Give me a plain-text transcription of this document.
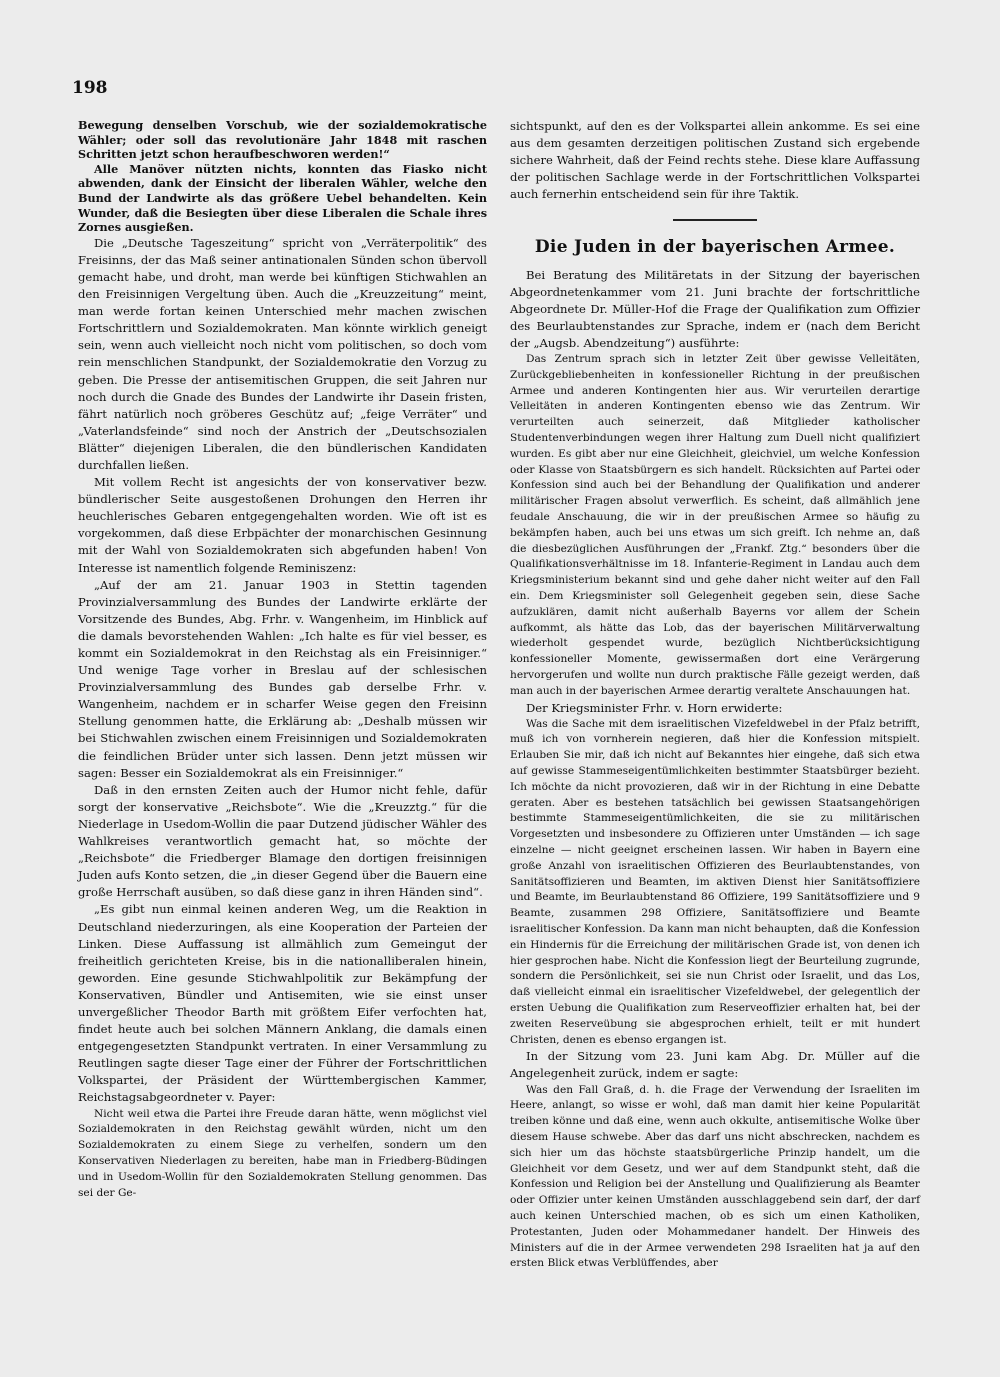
198

Bewegung denselben Vorschub, wie der sozialdemokratische Wähler; oder soll das revolutionäre Jahr 1848 mit raschen Schritten jetzt schon heraufbeschworen werden!“

Alle Manöver nützten nichts, konnten das Fiasko nicht abwenden, dank der Einsicht der liberalen Wähler, welche den Bund der Landwirte als das größere Uebel behandelten. Kein Wunder, daß die Besiegten über diese Liberalen die Schale ihres Zornes ausgießen.

Die „Deutsche Tageszeitung“ spricht von „Verräterpolitik“ des Freisinns, der das Maß seiner antinationalen Sünden schon übervoll gemacht habe, und droht, man werde bei künftigen Stichwahlen an den Freisinnigen Vergeltung üben. Auch die „Kreuzzeitung“ meint, man werde fortan keinen Unterschied mehr machen zwischen Fortschrittlern und Sozialdemokraten. Man könnte wirklich geneigt sein, wenn auch vielleicht noch nicht vom politischen, so doch vom rein menschlichen Standpunkt, der Sozialdemokratie den Vorzug zu geben. Die Presse der antisemitischen Gruppen, die seit Jahren nur noch durch die Gnade des Bundes der Landwirte ihr Dasein fristen, fährt natürlich noch gröberes Geschütz auf; „feige Verräter“ und „Vaterlandsfeinde“ sind noch der Anstrich der „Deutschsozialen Blätter“ diejenigen Liberalen, die den bündlerischen Kandidaten durchfallen ließen.

Mit vollem Recht ist angesichts der von konservativer bezw. bündlerischer Seite ausgestoßenen Drohungen den Herren ihr heuchlerisches Gebaren entgegengehalten worden. Wie oft ist es vorgekommen, daß diese Erbpächter der monarchischen Gesinnung mit der Wahl von Sozialdemokraten sich abgefunden haben! Von Interesse ist namentlich folgende Reminiszenz:

„Auf der am 21. Januar 1903 in Stettin tagenden Provinzialversammlung des Bundes der Landwirte erklärte der Vorsitzende des Bundes, Abg. Frhr. v. Wangenheim, im Hinblick auf die damals bevorstehenden Wahlen: „Ich halte es für viel besser, es kommt ein Sozialdemokrat in den Reichstag als ein Freisinniger.“ Und wenige Tage vorher in Breslau auf der schlesischen Provinzialversammlung des Bundes gab derselbe Frhr. v. Wangenheim, nachdem er in scharfer Weise gegen den Freisinn Stellung genommen hatte, die Erklärung ab: „Deshalb müssen wir bei Stichwahlen zwischen einem Freisinnigen und Sozialdemokraten die feindlichen Brüder unter sich lassen. Denn jetzt müssen wir sagen: Besser ein Sozialdemokrat als ein Freisinniger.“

Daß in den ernsten Zeiten auch der Humor nicht fehle, dafür sorgt der konservative „Reichsbote“. Wie die „Kreuzztg.“ für die Niederlage in Usedom-Wollin die paar Dutzend jüdischer Wähler des Wahlkreises verantwortlich gemacht hat, so möchte der „Reichsbote“ die Friedberger Blamage den dortigen freisinnigen Juden aufs Konto setzen, die „in dieser Gegend über die Bauern eine große Herrschaft ausüben, so daß diese ganz in ihren Händen sind“.

„Es gibt nun einmal keinen anderen Weg, um die Reaktion in Deutschland niederzuringen, als eine Kooperation der Parteien der Linken. Diese Auffassung ist allmählich zum Gemeingut der freiheitlich gerichteten Kreise, bis in die nationalliberalen hinein, geworden. Eine gesunde Stichwahlpolitik zur Bekämpfung der Konservativen, Bündler und Antisemiten, wie sie einst unser unvergeßlicher Theodor Barth mit größtem Eifer verfochten hat, findet heute auch bei solchen Männern Anklang, die damals einen entgegengesetzten Standpunkt vertraten. In einer Versammlung zu Reutlingen sagte dieser Tage einer der Führer der Fortschrittlichen Volkspartei, der Präsident der Württembergischen Kammer, Reichstagsabgeordneter v. Payer:

Nicht weil etwa die Partei ihre Freude daran hätte, wenn möglichst viel Sozialdemokraten in den Reichstag gewählt würden, nicht um den Sozialdemokraten zu einem Siege zu verhelfen, sondern um den Konservativen Niederlagen zu bereiten, habe man in Friedberg-Büdingen und in Usedom-Wollin für den Sozialdemokraten Stellung genommen. Das sei der Ge-

sichtspunkt, auf den es der Volkspartei allein ankomme. Es sei eine aus dem gesamten derzeitigen politischen Zustand sich ergebende sichere Wahrheit, daß der Feind rechts stehe. Diese klare Auffassung der politischen Sachlage werde in der Fortschrittlichen Volkspartei auch fernerhin entscheidend sein für ihre Taktik.

Die Juden in der bayerischen Armee.

Bei Beratung des Militäretats in der Sitzung der bayerischen Abgeordnetenkammer vom 21. Juni brachte der fortschrittliche Abgeordnete Dr. Müller-Hof die Frage der Qualifikation zum Offizier des Beurlaubtenstandes zur Sprache, indem er (nach dem Bericht der „Augsb. Abendzeitung“) ausführte:

Das Zentrum sprach sich in letzter Zeit über gewisse Velleitäten, Zurückgebliebenheiten in konfessioneller Richtung in der preußischen Armee und anderen Kontingenten hier aus. Wir verurteilen derartige Velleitäten in anderen Kontingenten ebenso wie das Zentrum. Wir verurteilten auch seinerzeit, daß Mitglieder katholischer Studentenverbindungen wegen ihrer Haltung zum Duell nicht qualifiziert wurden. Es gibt aber nur eine Gleichheit, gleichviel, um welche Konfession oder Klasse von Staatsbürgern es sich handelt. Rücksichten auf Partei oder Konfession sind auch bei der Behandlung der Qualifikation und anderer militärischer Fragen absolut verwerflich. Es scheint, daß allmählich jene feudale Anschauung, die wir in der preußischen Armee so häufig zu bekämpfen haben, auch bei uns etwas um sich greift. Ich nehme an, daß die diesbezüglichen Ausführungen der „Frankf. Ztg.“ besonders über die Qualifikationsverhältnisse im 18. Infanterie-Regiment in Landau auch dem Kriegsministerium bekannt sind und gehe daher nicht weiter auf den Fall ein. Dem Kriegsminister soll Gelegenheit gegeben sein, diese Sache aufzuklären, damit nicht außerhalb Bayerns vor allem der Schein aufkommt, als hätte das Lob, das der bayerischen Militärverwaltung wiederholt gespendet wurde, bezüglich Nichtberücksichtigung konfessioneller Momente, gewissermaßen dort eine Verärgerung hervorgerufen und wollte nun durch praktische Fälle gezeigt werden, daß man auch in der bayerischen Armee derartig veraltete Anschauungen hat.

Der Kriegsminister Frhr. v. Horn erwiderte:

Was die Sache mit dem israelitischen Vizefeldwebel in der Pfalz betrifft, muß ich von vornherein negieren, daß hier die Konfession mitspielt. Erlauben Sie mir, daß ich nicht auf Bekanntes hier eingehe, daß sich etwa auf gewisse Stammeseigentümlichkeiten bestimmter Staatsbürger bezieht. Ich möchte da nicht provozieren, daß wir in der Richtung in eine Debatte geraten. Aber es bestehen tatsächlich bei gewissen Staatsangehörigen bestimmte Stammeseigentümlichkeiten, die sie zu militärischen Vorgesetzten und insbesondere zu Offizieren unter Umständen — ich sage einzelne — nicht geeignet erscheinen lassen. Wir haben in Bayern eine große Anzahl von israelitischen Offizieren des Beurlaubtenstandes, von Sanitätsoffizieren und Beamten, im aktiven Dienst hier Sanitätsoffiziere und Beamte, im Beurlaubtenstand 86 Offiziere, 199 Sanitätsoffiziere und 9 Beamte, zusammen 298 Offiziere, Sanitätsoffiziere und Beamte israelitischer Konfession. Da kann man nicht behaupten, daß die Konfession ein Hindernis für die Erreichung der militärischen Grade ist, von denen ich hier gesprochen habe. Nicht die Konfession liegt der Beurteilung zugrunde, sondern die Persönlichkeit, sei sie nun Christ oder Israelit, und das Los, daß vielleicht einmal ein israelitischer Vizefeldwebel, der gelegentlich der ersten Uebung die Qualifikation zum Reserveoffizier erhalten hat, bei der zweiten Reserveübung sie abgesprochen erhielt, teilt er mit hundert Christen, denen es ebenso ergangen ist.

In der Sitzung vom 23. Juni kam Abg. Dr. Müller auf die Angelegenheit zurück, indem er sagte:

Was den Fall Graß, d. h. die Frage der Verwendung der Israeliten im Heere, anlangt, so wisse er wohl, daß man damit hier keine Popularität treiben könne und daß eine, wenn auch okkulte, antisemitische Wolke über diesem Hause schwebe. Aber das darf uns nicht abschrecken, nachdem es sich hier um das höchste staatsbürgerliche Prinzip handelt, um die Gleichheit vor dem Gesetz, und wer auf dem Standpunkt steht, daß die Konfession und Religion bei der Anstellung und Qualifizierung als Beamter oder Offizier unter keinen Umständen ausschlaggebend sein darf, der darf auch keinen Unterschied machen, ob es sich um einen Katholiken, Protestanten, Juden oder Mohammedaner handelt. Der Hinweis des Ministers auf die in der Armee verwendeten 298 Israeliten hat ja auf den ersten Blick etwas Verblüffendes, aber
